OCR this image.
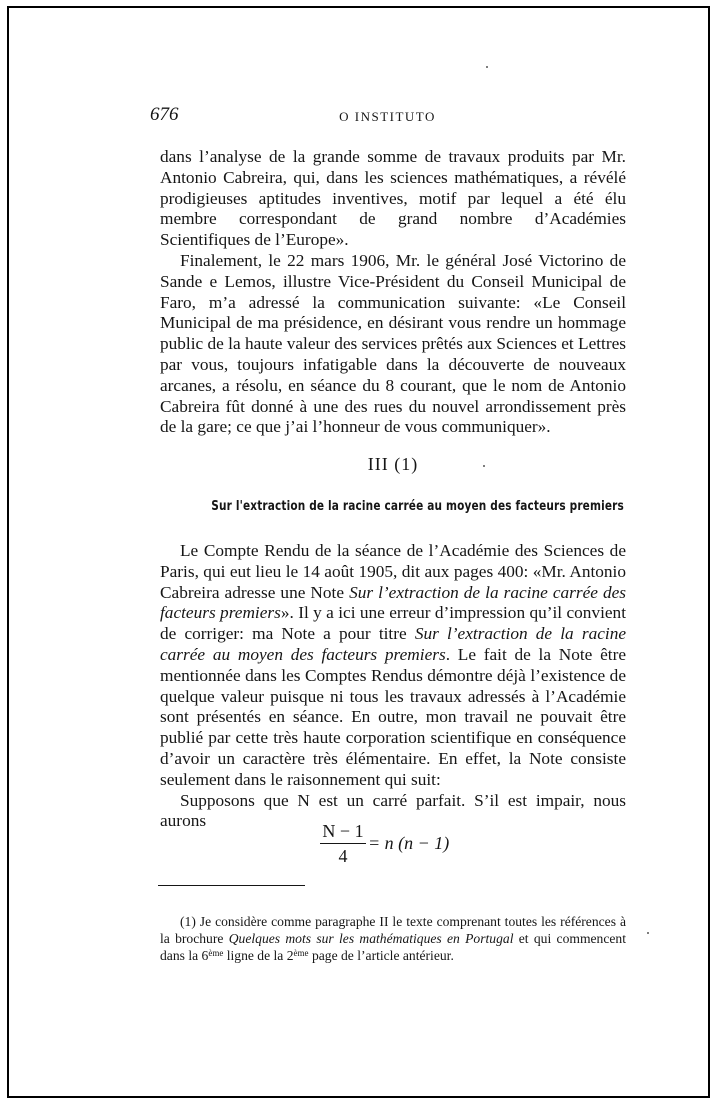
676	O INSTITUTO

dans l’analyse de la grande somme de travaux produits par Mr. Antonio Cabreira, qui, dans les sciences mathématiques, a révélé prodigieuses aptitudes inventives, motif par lequel a été élu membre correspondant de grand nombre d’Académies Scientifiques de l’Europe».

Finalement, le 22 mars 1906, Mr. le général José Victorino de Sande e Lemos, illustre Vice-Président du Conseil Municipal de Faro, m’a adressé la communication suivante: «Le Conseil Municipal de ma présidence, en désirant vous rendre un hommage public de la haute valeur des services prêtés aux Sciences et Lettres par vous, toujours infatigable dans la découverte de nouveaux arcanes, a résolu, en séance du 8 courant, que le nom de Antonio Cabreira fût donné à une des rues du nouvel arrondissement près de la gare; ce que j’ai l’honneur de vous communiquer».

III (1)
Sur l'extraction de la racine carrée au moyen des facteurs premiers

Le Compte Rendu de la séance de l’Académie des Sciences de Paris, qui eut lieu le 14 août 1905, dit aux pages 400: «Mr. Antonio Cabreira adresse une Note Sur l’extraction de la racine carrée des facteurs premiers». Il y a ici une erreur d’impression qu’il convient de corriger: ma Note a pour titre Sur l’extraction de la racine carrée au moyen des facteurs premiers. Le fait de la Note être mentionnée dans les Comptes Rendus démontre déjà l’existence de quelque valeur puisque ni tous les travaux adressés à l’Académie sont présentés en séance. En outre, mon travail ne pouvait être publié par cette très haute corporation scientifique en conséquence d’avoir un caractère très élémentaire. En effet, la Note consiste seulement dans le raisonnement qui suit:

Supposons que N est un carré parfait. S’il est impair, nous aurons

N − 1
4
= n (n − 1)

(1) Je considère comme paragraphe II le texte comprenant toutes les références à la brochure Quelques mots sur les mathématiques en Portugal et qui commencent dans la 6ème ligne de la 2ème page de l’article antérieur.
